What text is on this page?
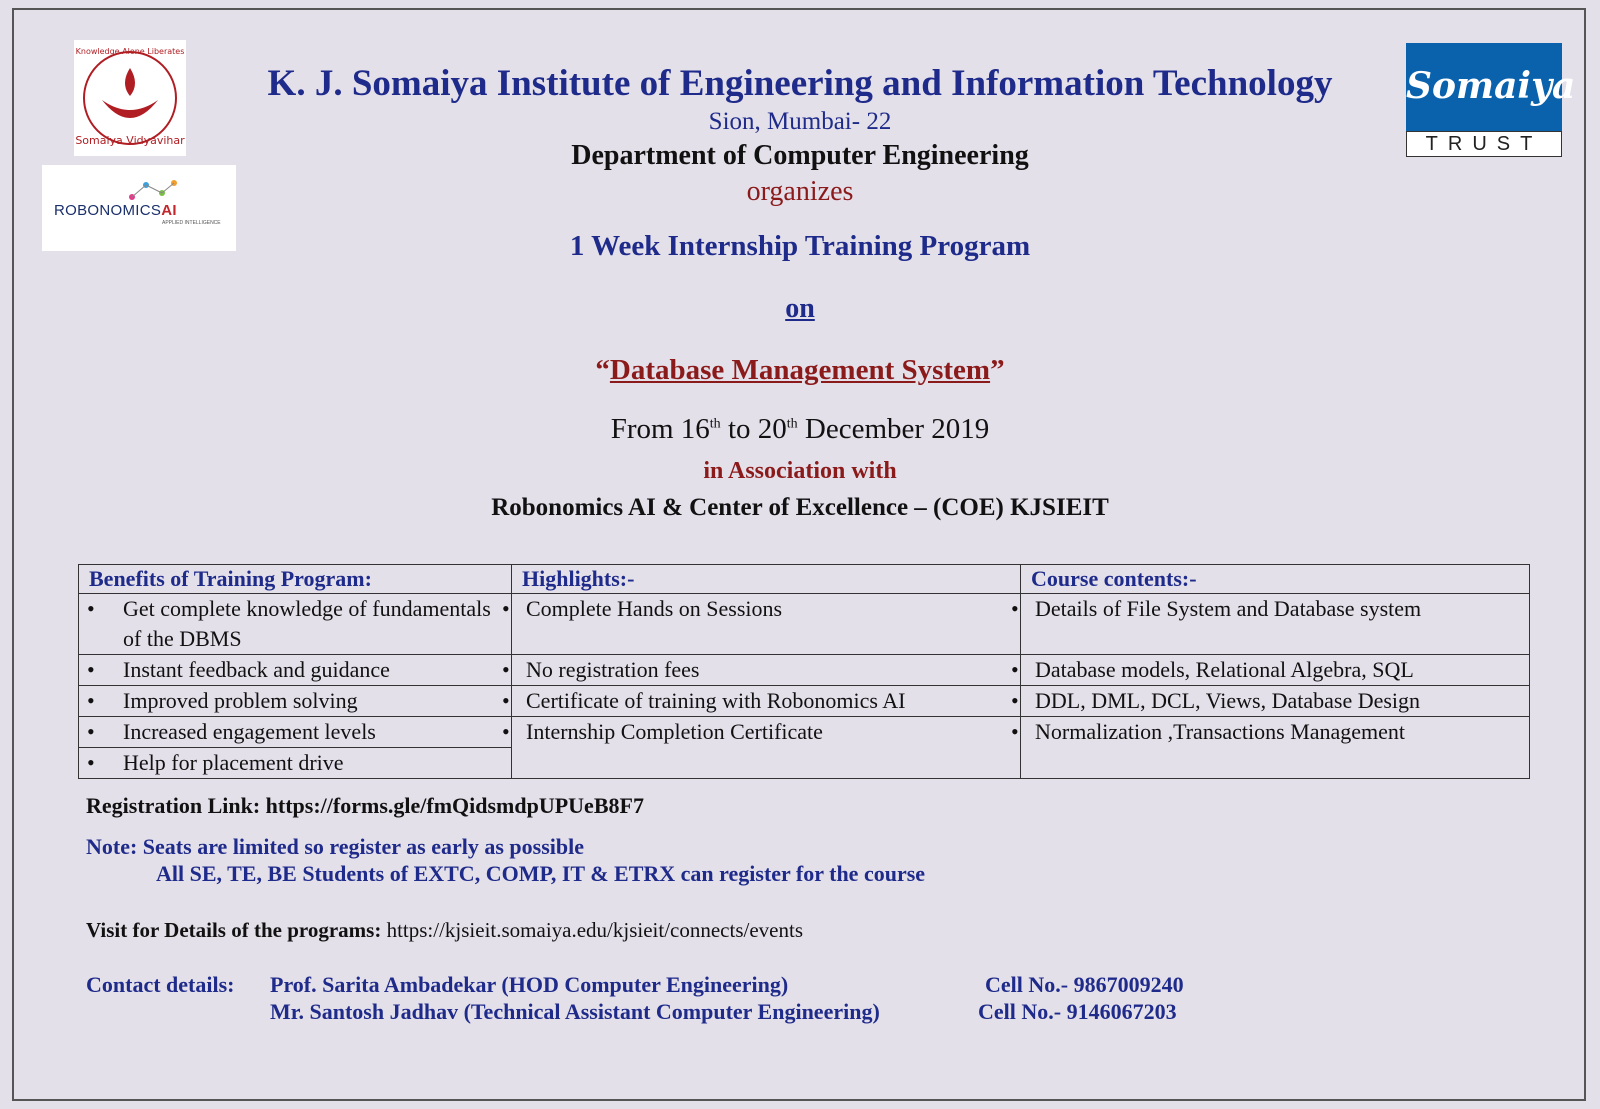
Somaiya Vidyavihar
Knowledge Alone Liberates
ROBONOMICSAI
APPLIED INTELLIGENCE
Somaiya
TRUST
K. J. Somaiya Institute of Engineering and Information Technology
Sion, Mumbai- 22
Department of Computer Engineering
organizes
1 Week Internship Training Program
on
“Database Management System”
From 16th to 20th December 2019
in Association with
Robonomics AI & Center of Excellence – (COE) KJSIEIT
Benefits of Training Program:	Highlights:-	Course contents:-

• Get complete knowledge of fundamentals of the DBMS	• Complete Hands on Sessions	• Details of File System and Database system

• Instant feedback and guidance	• No registration fees	• Database models, Relational Algebra, SQL

• Improved problem solving	• Certificate of training with Robonomics AI	• DDL, DML, DCL, Views, Database Design

• Increased engagement levels	• Internship Completion Certificate	• Normalization ,Transactions Management

• Help for placement drive
Registration Link: https://forms.gle/fmQidsmdpUPUeB8F7
Note: Seats are limited so register as early as possible
All SE, TE, BE Students of EXTC, COMP, IT & ETRX can register for the course
Visit for Details of the programs: https://kjsieit.somaiya.edu/kjsieit/connects/events
Contact details: Prof. Sarita Ambadekar (HOD Computer Engineering)	Cell No.- 9867009240
Mr. Santosh Jadhav (Technical Assistant Computer Engineering)	Cell No.- 9146067203
